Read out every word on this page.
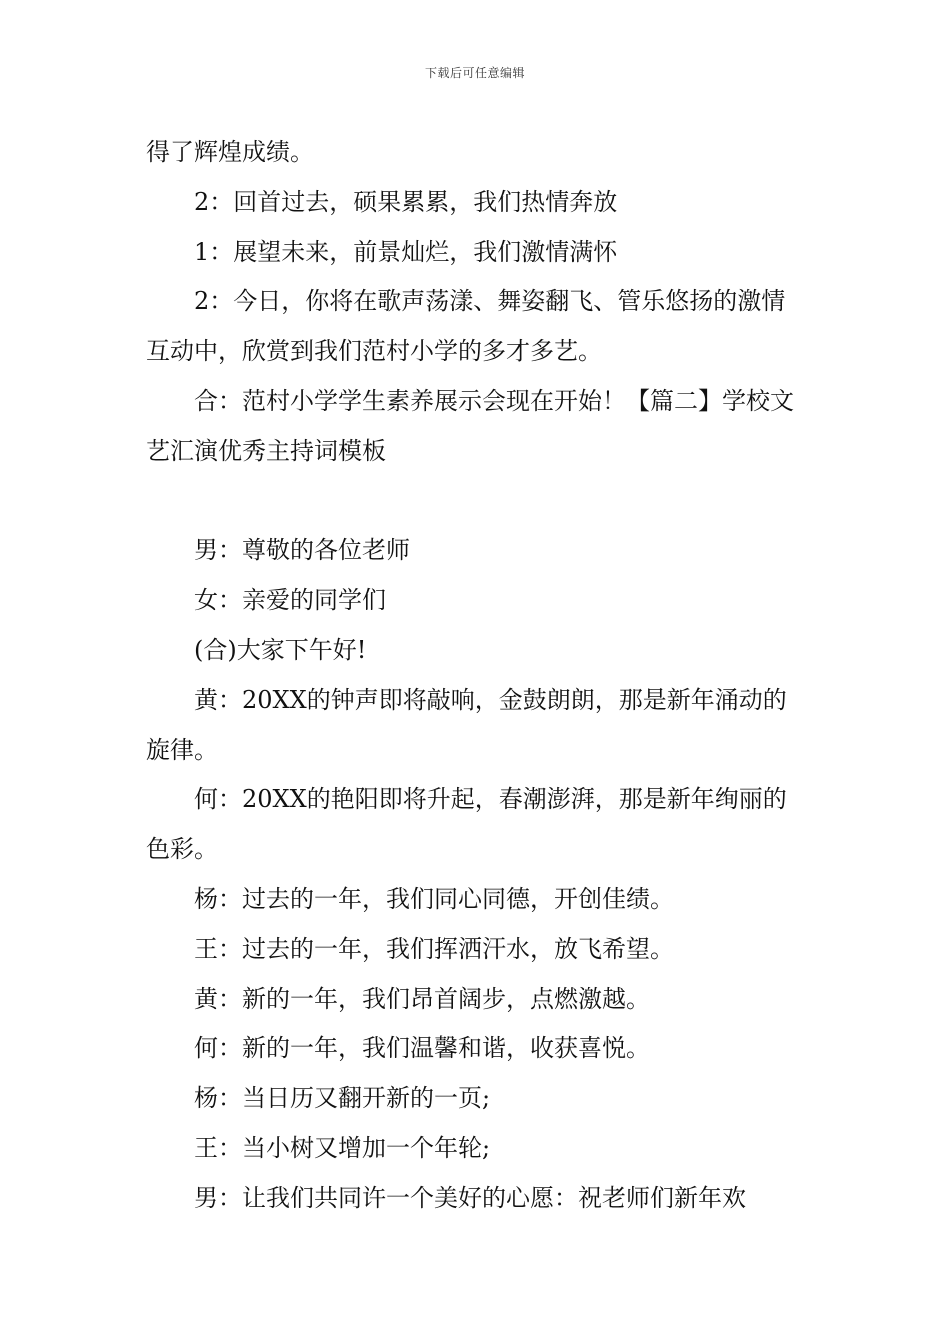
下载后可任意编辑

得了辉煌成绩。

2：回首过去，硕果累累，我们热情奔放

1：展望未来，前景灿烂，我们激情满怀

2：今日，你将在歌声荡漾、舞姿翻飞、管乐悠扬的激情互动中，欣赏到我们范村小学的多才多艺。

合：范村小学学生素养展示会现在开始！【篇二】学校文艺汇演优秀主持词模板

男：尊敬的各位老师

女：亲爱的同学们

(合)大家下午好!

黄：20XX的钟声即将敲响，金鼓朗朗，那是新年涌动的旋律。

何：20XX的艳阳即将升起，春潮澎湃，那是新年绚丽的色彩。

杨：过去的一年，我们同心同德，开创佳绩。

王：过去的一年，我们挥洒汗水，放飞希望。

黄：新的一年，我们昂首阔步，点燃激越。

何：新的一年，我们温馨和谐，收获喜悦。

杨：当日历又翻开新的一页;

王：当小树又增加一个年轮;

男：让我们共同许一个美好的心愿：祝老师们新年欢
